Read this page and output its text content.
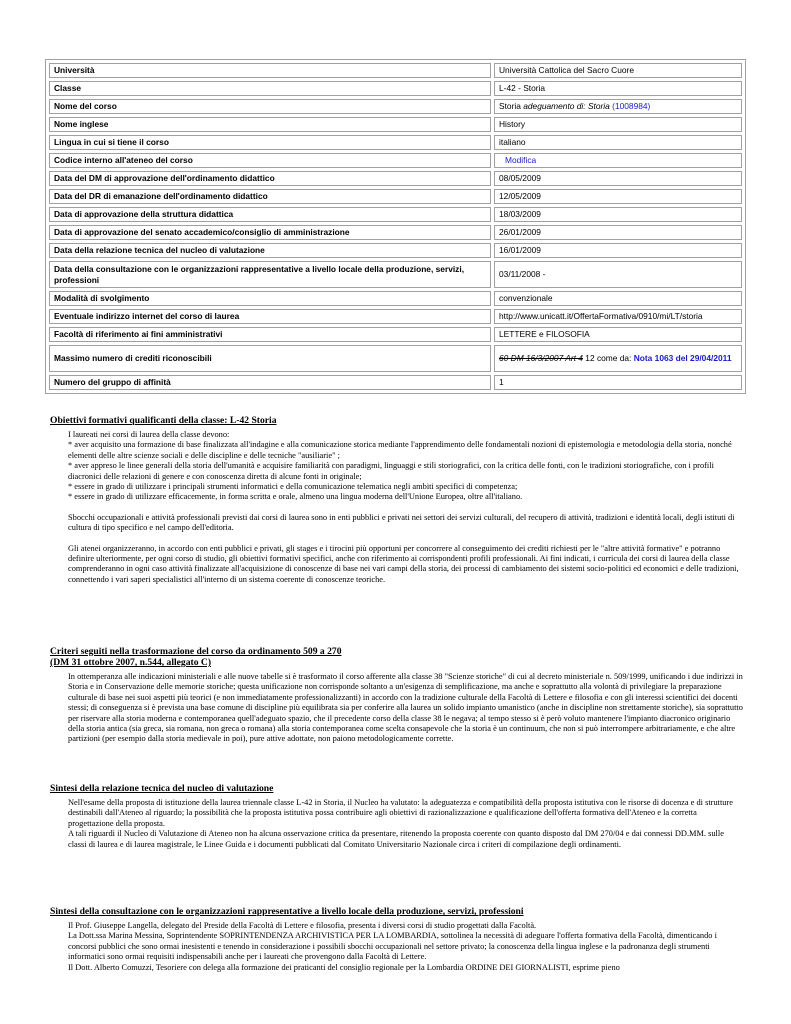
Università	Università Cattolica del Sacro Cuore
Classe	L-42 - Storia
Nome del corso	Storia adeguamento di: Storia (1008984)
Nome inglese	History
Lingua in cui si tiene il corso	italiano
Codice interno all'ateneo del corso	Modifica
Data del DM di approvazione dell'ordinamento didattico	08/05/2009
Data del DR di emanazione dell'ordinamento didattico	12/05/2009
Data di approvazione della struttura didattica	18/03/2009
Data di approvazione del senato accademico/consiglio di amministrazione	26/01/2009
Data della relazione tecnica del nucleo di valutazione	16/01/2009
Data della consultazione con le organizzazioni rappresentative a livello locale della produzione, servizi, professioni	03/11/2008 -
Modalità di svolgimento	convenzionale
Eventuale indirizzo internet del corso di laurea	http://www.unicatt.it/OffertaFormativa/0910/mi/LT/storia
Facoltà di riferimento ai fini amministrativi	LETTERE e FILOSOFIA
Massimo numero di crediti riconoscibili	60 DM 16/3/2007 Art 4 12 come da: Nota 1063 del 29/04/2011
Numero del gruppo di affinità	1
Obiettivi formativi qualificanti della classe: L-42 Storia

I laureati nei corsi di laurea della classe devono:

* aver acquisito una formazione di base finalizzata all'indagine e alla comunicazione storica mediante l'apprendimento delle fondamentali nozioni di epistemologia e metodologia della storia, nonché elementi delle altre scienze sociali e delle discipline e delle tecniche "ausiliarie" ;

* aver appreso le linee generali della storia dell'umanità e acquisire familiarità con paradigmi, linguaggi e stili storiografici, con la critica delle fonti, con le tradizioni storiografiche, con i profili diacronici delle relazioni di genere e con conoscenza diretta di alcune fonti in originale;

* essere in grado di utilizzare i principali strumenti informatici e della comunicazione telematica negli ambiti specifici di competenza;

* essere in grado di utilizzare efficacemente, in forma scritta e orale, almeno una lingua moderna dell'Unione Europea, oltre all'italiano.

Sbocchi occupazionali e attività professionali previsti dai corsi di laurea sono in enti pubblici e privati nei settori dei servizi culturali, del recupero di attività, tradizioni e identità locali, degli istituti di cultura di tipo specifico e nel campo dell'editoria.

Gli atenei organizzeranno, in accordo con enti pubblici e privati, gli stages e i tirocini più opportuni per concorrere al conseguimento dei crediti richiesti per le "altre attività formative" e potranno definire ulteriormente, per ogni corso di studio, gli obiettivi formativi specifici, anche con riferimento ai corrispondenti profili professionali. Ai fini indicati, i curricula dei corsi di laurea della classe comprenderanno in ogni caso attività finalizzate all'acquisizione di conoscenze di base nei vari campi della storia, dei processi di cambiamento dei sistemi socio-politici ed economici e delle tradizioni, connettendo i vari saperi specialistici all'interno di un sistema coerente di conoscenze teoriche.

Criteri seguiti nella trasformazione del corso da ordinamento 509 a 270
(DM 31 ottobre 2007, n.544, allegato C)

In ottemperanza alle indicazioni ministeriali e alle nuove tabelle si è trasformato il corso afferente alla classe 38 "Scienze storiche" di cui al decreto ministeriale n. 509/1999, unificando i due indirizzi in Storia e in Conservazione delle memorie storiche; questa unificazione non corrisponde soltanto a un'esigenza di semplificazione, ma anche e soprattutto alla volontà di privilegiare la preparazione culturale di base nei suoi aspetti più teorici (e non immediatamente professionalizzanti) in accordo con la tradizione culturale della Facoltà di Lettere e filosofia e con gli interessi scientifici dei docenti stessi; di conseguenza si è prevista una base comune di discipline più equilibrata sia per conferire alla laurea un solido impianto umanistico (anche in discipline non strettamente storiche), sia soprattutto per riservare alla storia moderna e contemporanea quell'adeguato spazio, che il precedente corso della classe 38 le negava; al tempo stesso si è però voluto mantenere l'impianto diacronico originario della storia antica (sia greca, sia romana, non greca o romana) alla storia contemporanea come scelta consapevole che la storia è un continuum, che non si può interrompere arbitrariamente, e che altre partizioni (per esempio dalla storia medievale in poi), pure attive adottate, non paiono metodologicamente corrette.

Sintesi della relazione tecnica del nucleo di valutazione

Nell'esame della proposta di istituzione della laurea triennale classe L-42 in Storia, il Nucleo ha valutato: la adeguatezza e compatibilità della proposta istitutiva con le risorse di docenza e di strutture destinabili dall'Ateneo al riguardo; la possibilità che la proposta istitutiva possa contribuire agli obiettivi di razionalizzazione e qualificazione dell'offerta formativa dell'Ateneo e la corretta progettazione della proposta.

A tali riguardi il Nucleo di Valutazione di Ateneo non ha alcuna osservazione critica da presentare, ritenendo la proposta coerente con quanto disposto dal DM 270/04 e dai connessi DD.MM. sulle classi di laurea e di laurea magistrale, le Linee Guida e i documenti pubblicati dal Comitato Universitario Nazionale circa i criteri di compilazione degli ordinamenti.

Sintesi della consultazione con le organizzazioni rappresentative a livello locale della produzione, servizi, professioni

Il Prof. Giuseppe Langella, delegato del Preside della Facoltà di Lettere e filosofia, presenta i diversi corsi di studio progettati dalla Facoltà.

La Dott.ssa Marina Messina, Soprintendente SOPRINTENDENZA ARCHIVISTICA PER LA LOMBARDIA, sottolinea la necessità di adeguare l'offerta formativa della Facoltà, dimenticando i concorsi pubblici che sono ormai inesistenti e tenendo in considerazione i possibili sbocchi occupazionali nel settore privato; la conoscenza della lingua inglese e la padronanza degli strumenti informatici sono ormai requisiti indispensabili anche per i laureati che provengono dalla Facoltà di Lettere.

Il Dott. Alberto Comuzzi, Tesoriere con delega alla formazione dei praticanti del consiglio regionale per la Lombardia ORDINE DEI GIORNALISTI, esprime pieno
